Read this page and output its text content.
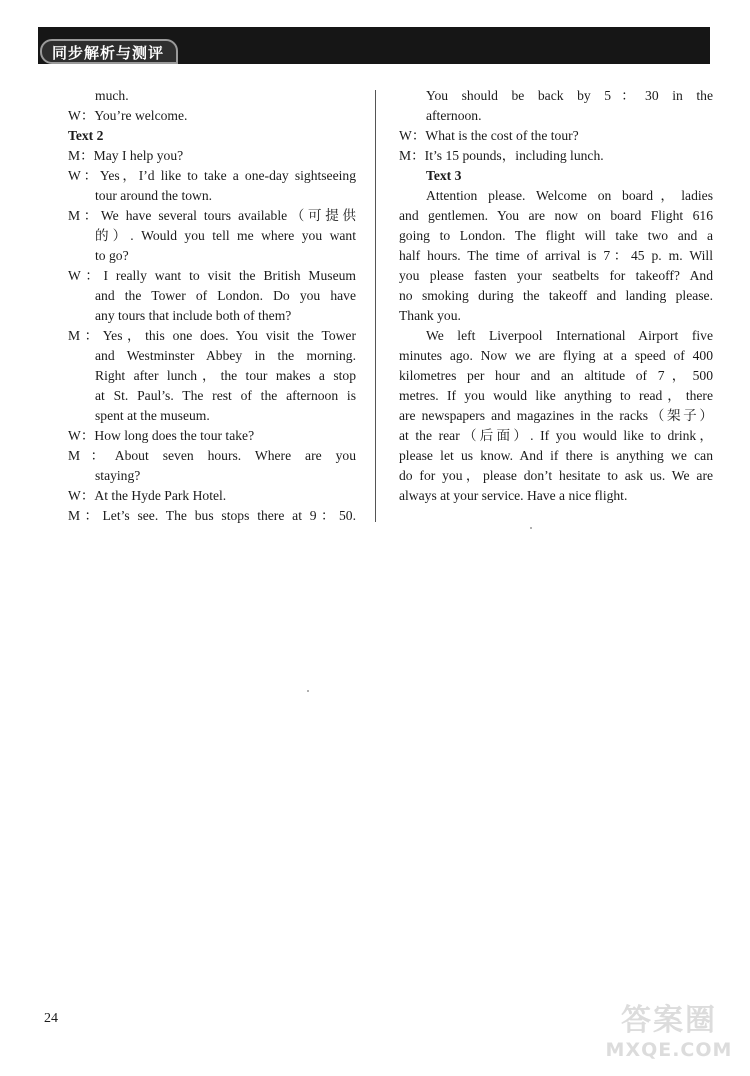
同步解析与测评
much.
W：You’re welcome.
Text 2
M：May I help you?
W：Yes，I’d like to take a one-day sightseeing
tour around the town.
M：We have several tours available（可提供
的）. Would you tell me where you want
to go?
W：I really want to visit the British Museum
and the Tower of London. Do you have
any tours that include both of them?
M：Yes，this one does. You visit the Tower
and Westminster Abbey in the morning.
Right after lunch，the tour makes a stop
at St. Paul’s. The rest of the afternoon is
spent at the museum.
W：How long does the tour take?
M：About seven hours. Where are you
staying?
W：At the Hyde Park Hotel.
M：Let’s see. The bus stops there at 9：50.
You should be back by 5：30 in the
afternoon.
W：What is the cost of the tour?
M：It’s 15 pounds，including lunch.
Text 3
Attention please. Welcome on board，ladies
and gentlemen. You are now on board Flight 616
going to London. The flight will take two and a
half hours. The time of arrival is 7：45 p. m. Will
you please fasten your seatbelts for takeoff? And
no smoking during the takeoff and landing please.
Thank you.
We left Liverpool International Airport five
minutes ago. Now we are flying at a speed of 400
kilometres per hour and an altitude of 7，500
metres. If you would like anything to read，there
are newspapers and magazines in the racks（架子）
at the rear（后面）. If you would like to drink，
please let us know. And if there is anything we can
do for you，please don’t hesitate to ask us. We are
always at your service. Have a nice flight.
24	答案圈
MXQE.COM
